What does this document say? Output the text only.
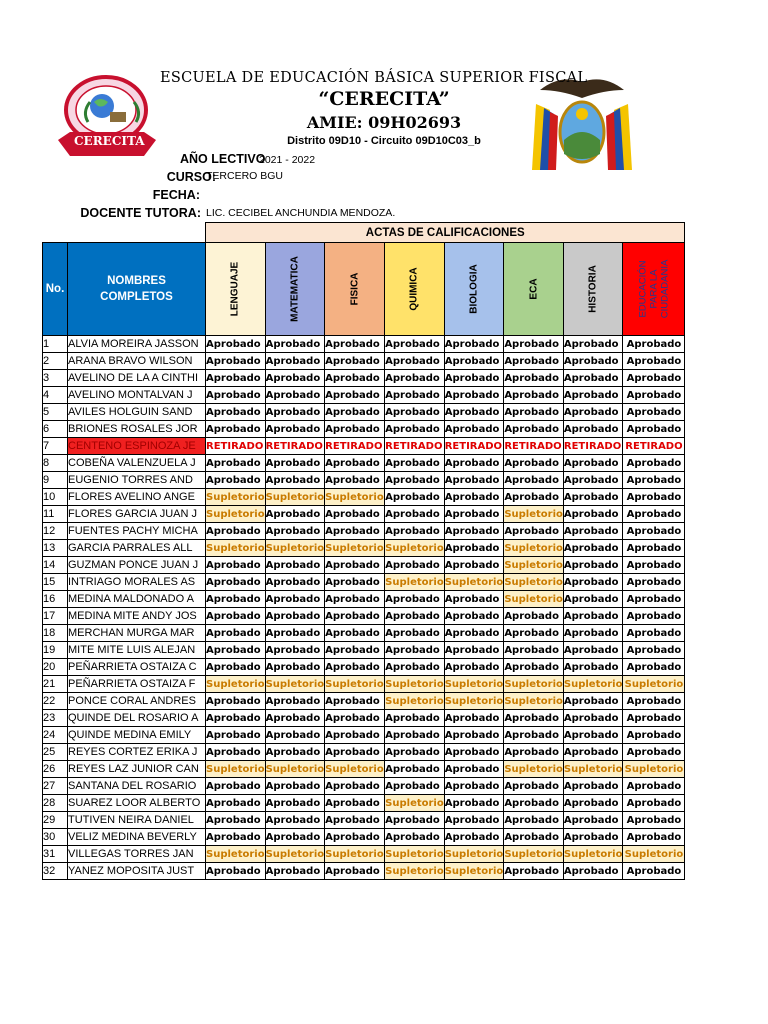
CERECITA
ESCUELA DE EDUCACIÓN BÁSICA SUPERIOR FISCAL
“CERECITA”
AMIE: 09H02693
Distrito 09D10 - Circuito 09D10C03_b
AÑO LECTIVO
2021 - 2022
CURSO:
TERCERO BGU
FECHA:
DOCENTE TUTORA: LIC. CECIBEL ANCHUNDIA MENDOZA.
		ACTAS DE CALIFICACIONES							
No.	NOMBRES COMPLETOS	LENGUAJE	MATEMATICA	FISICA	QUIMICA	BIOLOGIA	ECA	HISTORIA	EDUCACIÓN PARA LA CIUDADANIA

1	ALVIA MOREIRA JASSON	Aprobado	Aprobado	Aprobado	Aprobado	Aprobado	Aprobado	Aprobado	Aprobado
2	ARANA BRAVO WILSON	Aprobado	Aprobado	Aprobado	Aprobado	Aprobado	Aprobado	Aprobado	Aprobado
3	AVELINO DE LA A CINTHI	Aprobado	Aprobado	Aprobado	Aprobado	Aprobado	Aprobado	Aprobado	Aprobado
4	AVELINO MONTALVAN J	Aprobado	Aprobado	Aprobado	Aprobado	Aprobado	Aprobado	Aprobado	Aprobado
5	AVILES HOLGUIN SAND	Aprobado	Aprobado	Aprobado	Aprobado	Aprobado	Aprobado	Aprobado	Aprobado
6	BRIONES ROSALES JOR	Aprobado	Aprobado	Aprobado	Aprobado	Aprobado	Aprobado	Aprobado	Aprobado
7	CENTENO ESPINOZA JE	RETIRADO	RETIRADO	RETIRADO	RETIRADO	RETIRADO	RETIRADO	RETIRADO	RETIRADO
8	COBEÑA VALENZUELA J	Aprobado	Aprobado	Aprobado	Aprobado	Aprobado	Aprobado	Aprobado	Aprobado
9	EUGENIO TORRES AND	Aprobado	Aprobado	Aprobado	Aprobado	Aprobado	Aprobado	Aprobado	Aprobado
10	FLORES AVELINO ANGE	Supletorio	Supletorio	Supletorio	Aprobado	Aprobado	Aprobado	Aprobado	Aprobado
11	FLORES GARCIA JUAN J	Supletorio	Aprobado	Aprobado	Aprobado	Aprobado	Supletorio	Aprobado	Aprobado
12	FUENTES PACHY MICHA	Aprobado	Aprobado	Aprobado	Aprobado	Aprobado	Aprobado	Aprobado	Aprobado
13	GARCIA PARRALES ALL	Supletorio	Supletorio	Supletorio	Supletorio	Aprobado	Supletorio	Aprobado	Aprobado
14	GUZMAN PONCE JUAN J	Aprobado	Aprobado	Aprobado	Aprobado	Aprobado	Supletorio	Aprobado	Aprobado
15	INTRIAGO MORALES AS	Aprobado	Aprobado	Aprobado	Supletorio	Supletorio	Supletorio	Aprobado	Aprobado
16	MEDINA MALDONADO A	Aprobado	Aprobado	Aprobado	Aprobado	Aprobado	Supletorio	Aprobado	Aprobado
17	MEDINA MITE ANDY JOS	Aprobado	Aprobado	Aprobado	Aprobado	Aprobado	Aprobado	Aprobado	Aprobado
18	MERCHAN MURGA MAR	Aprobado	Aprobado	Aprobado	Aprobado	Aprobado	Aprobado	Aprobado	Aprobado
19	MITE MITE LUIS ALEJAN	Aprobado	Aprobado	Aprobado	Aprobado	Aprobado	Aprobado	Aprobado	Aprobado
20	PEÑARRIETA OSTAIZA C	Aprobado	Aprobado	Aprobado	Aprobado	Aprobado	Aprobado	Aprobado	Aprobado
21	PEÑARRIETA OSTAIZA F	Supletorio	Supletorio	Supletorio	Supletorio	Supletorio	Supletorio	Supletorio	Supletorio
22	PONCE CORAL ANDRES	Aprobado	Aprobado	Aprobado	Supletorio	Supletorio	Supletorio	Aprobado	Aprobado
23	QUINDE DEL ROSARIO A	Aprobado	Aprobado	Aprobado	Aprobado	Aprobado	Aprobado	Aprobado	Aprobado
24	QUINDE MEDINA EMILY	Aprobado	Aprobado	Aprobado	Aprobado	Aprobado	Aprobado	Aprobado	Aprobado
25	REYES CORTEZ ERIKA J	Aprobado	Aprobado	Aprobado	Aprobado	Aprobado	Aprobado	Aprobado	Aprobado
26	REYES LAZ JUNIOR CAN	Supletorio	Supletorio	Supletorio	Aprobado	Aprobado	Supletorio	Supletorio	Supletorio
27	SANTANA DEL ROSARIO	Aprobado	Aprobado	Aprobado	Aprobado	Aprobado	Aprobado	Aprobado	Aprobado
28	SUAREZ LOOR ALBERTO	Aprobado	Aprobado	Aprobado	Supletorio	Aprobado	Aprobado	Aprobado	Aprobado
29	TUTIVEN NEIRA DANIEL	Aprobado	Aprobado	Aprobado	Aprobado	Aprobado	Aprobado	Aprobado	Aprobado
30	VELIZ MEDINA BEVERLY	Aprobado	Aprobado	Aprobado	Aprobado	Aprobado	Aprobado	Aprobado	Aprobado
31	VILLEGAS TORRES JAN	Supletorio	Supletorio	Supletorio	Supletorio	Supletorio	Supletorio	Supletorio	Supletorio
32	YANEZ MOPOSITA JUST	Aprobado	Aprobado	Aprobado	Supletorio	Supletorio	Aprobado	Aprobado	Aprobado
